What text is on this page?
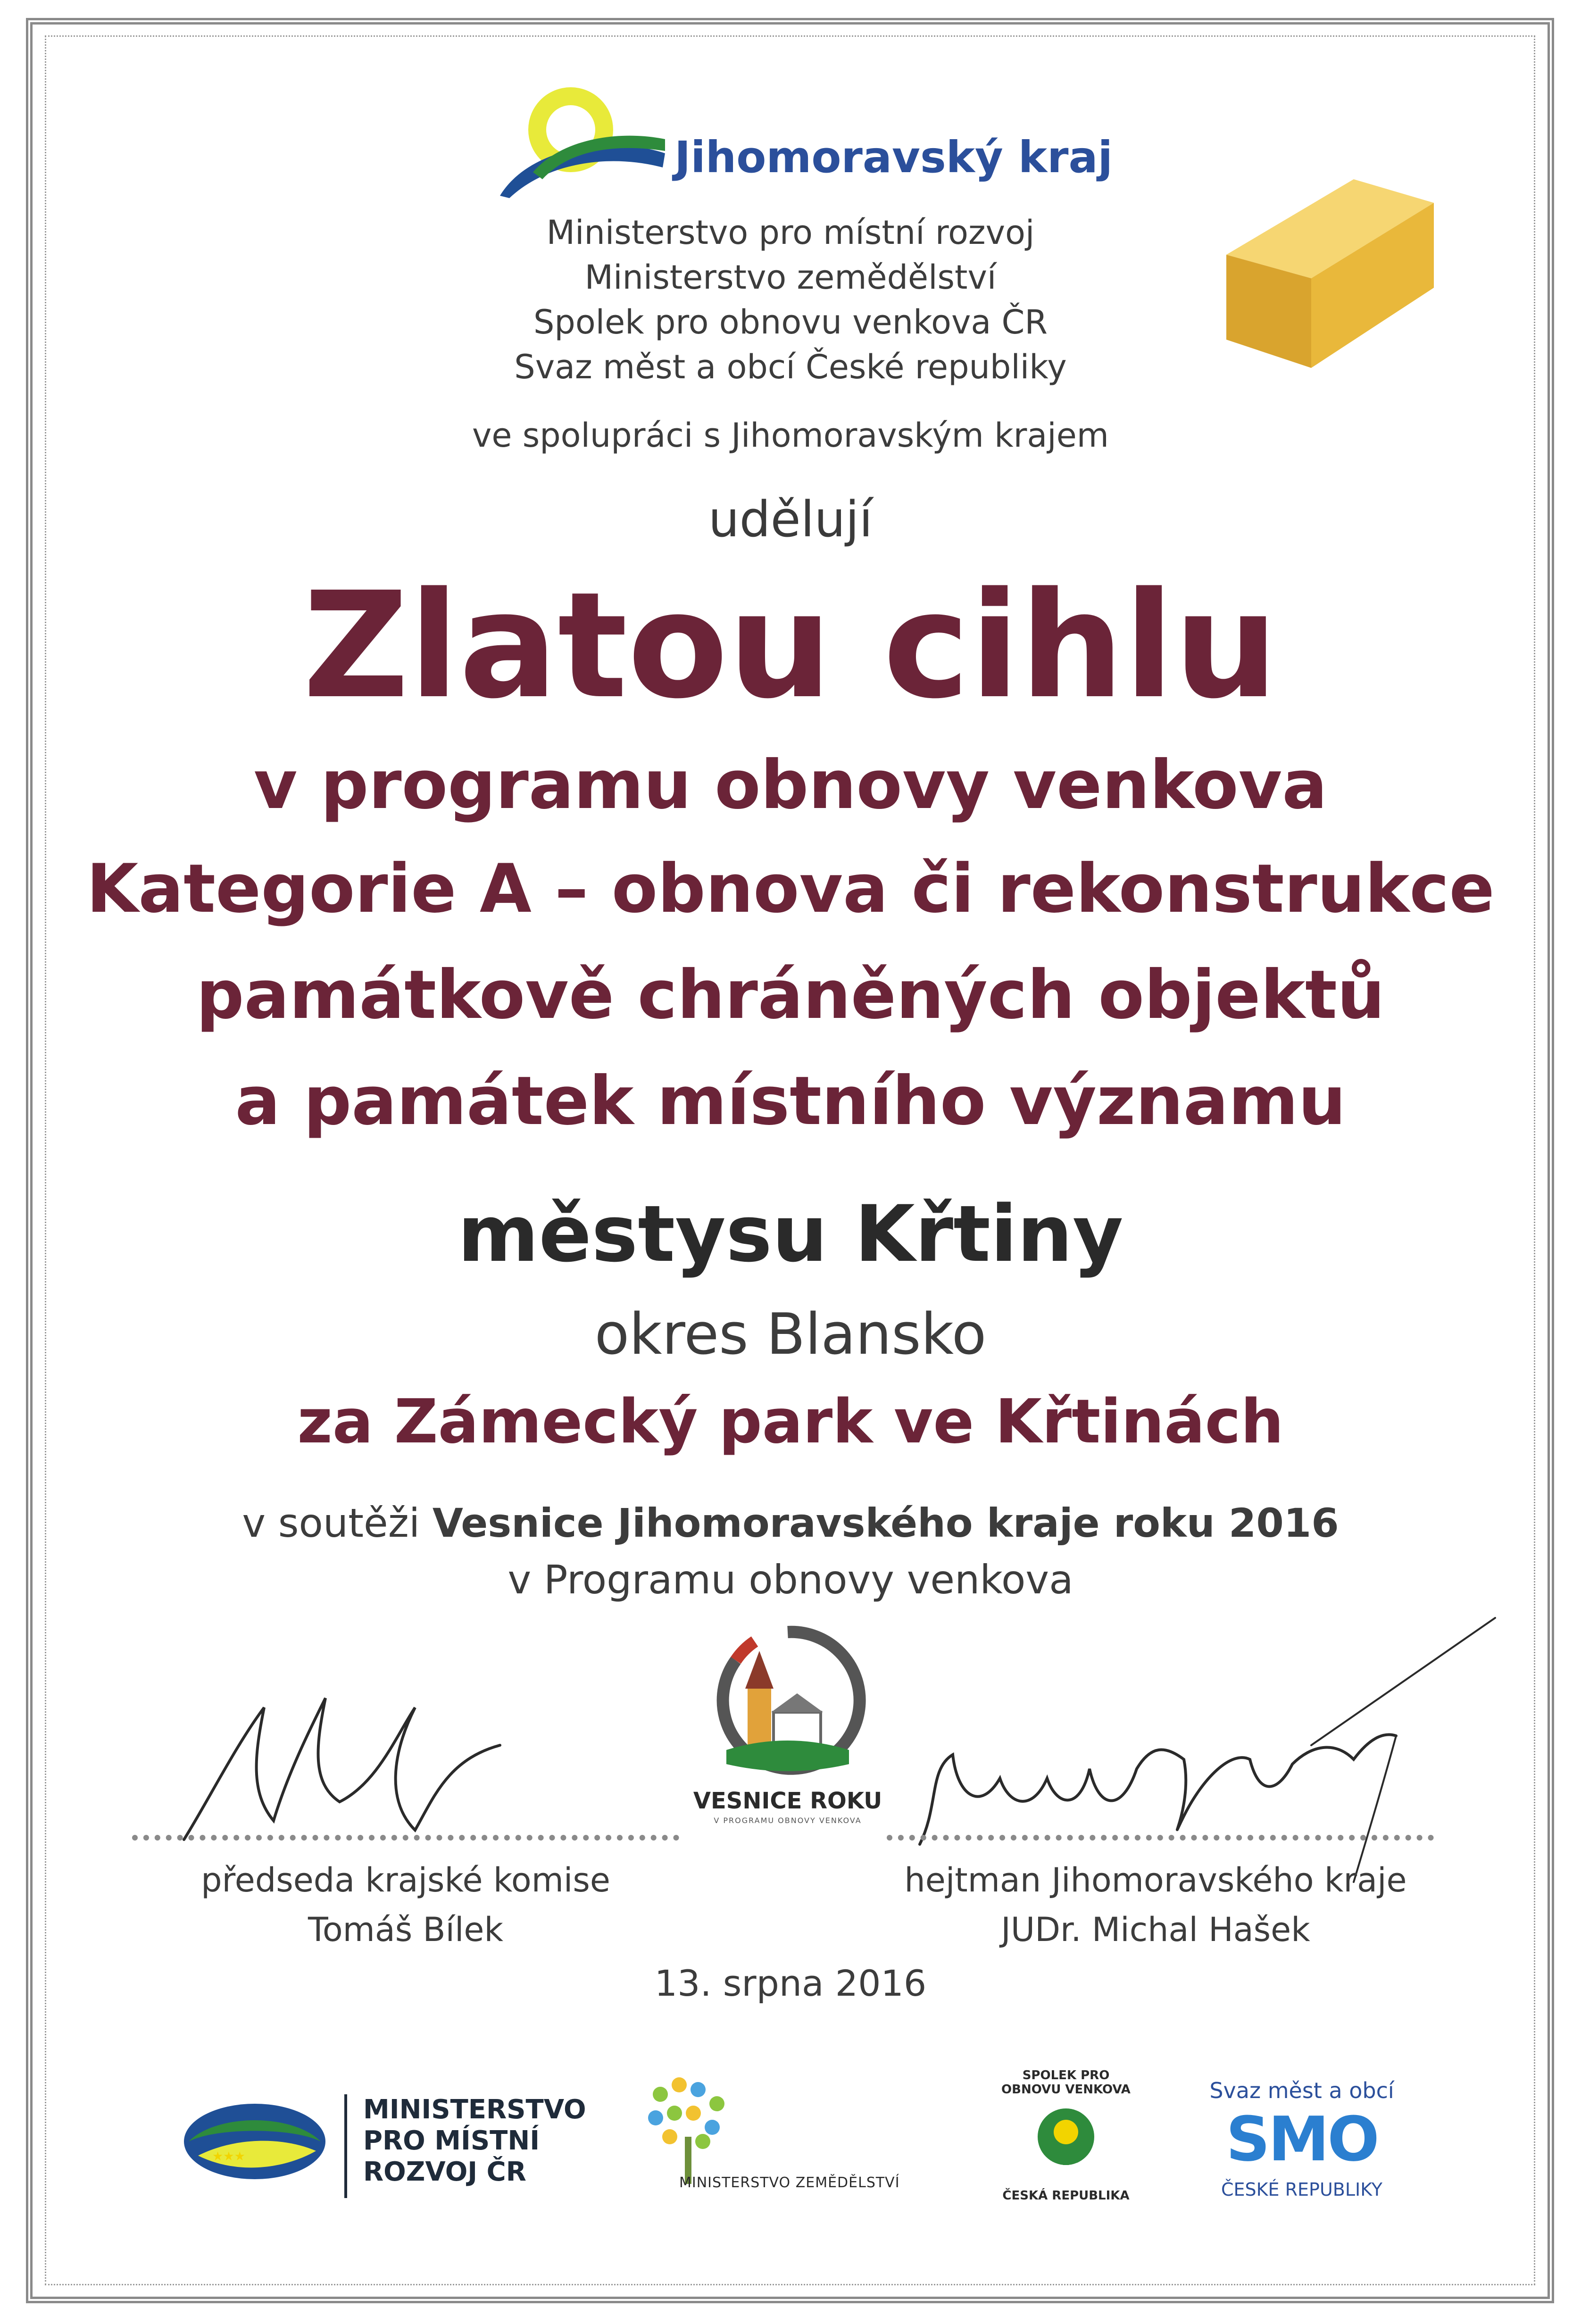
Jihomoravský kraj
Ministerstvo pro místní rozvoj
Ministerstvo zemědělství
Spolek pro obnovu venkova ČR
Svaz měst a obcí České republiky
ve spolupráci s Jihomoravským krajem
udělují
Zlatou cihlu
v programu obnovy venkova
Kategorie A – obnova či rekonstrukce
památkově chráněných objektů
a památek místního významu
městysu Křtiny
okres Blansko
za Zámecký park ve Křtinách
v soutěži Vesnice Jihomoravského kraje roku 2016
v Programu obnovy venkova
VESNICE ROKU
V PROGRAMU OBNOVY VENKOVA
předseda krajské komise
Tomáš Bílek
hejtman Jihomoravského kraje
JUDr. Michal Hašek
13. srpna 2016
★★★
MINISTERSTVO
PRO MÍSTNÍ
ROZVOJ ČR	MINISTERSTVO ZEMĚDĚLSTVÍ
SPOLEK PRO OBNOVU VENKOVA
ČESKÁ REPUBLIKA
Svaz měst a obcí
SMO
ČESKÉ REPUBLIKY
